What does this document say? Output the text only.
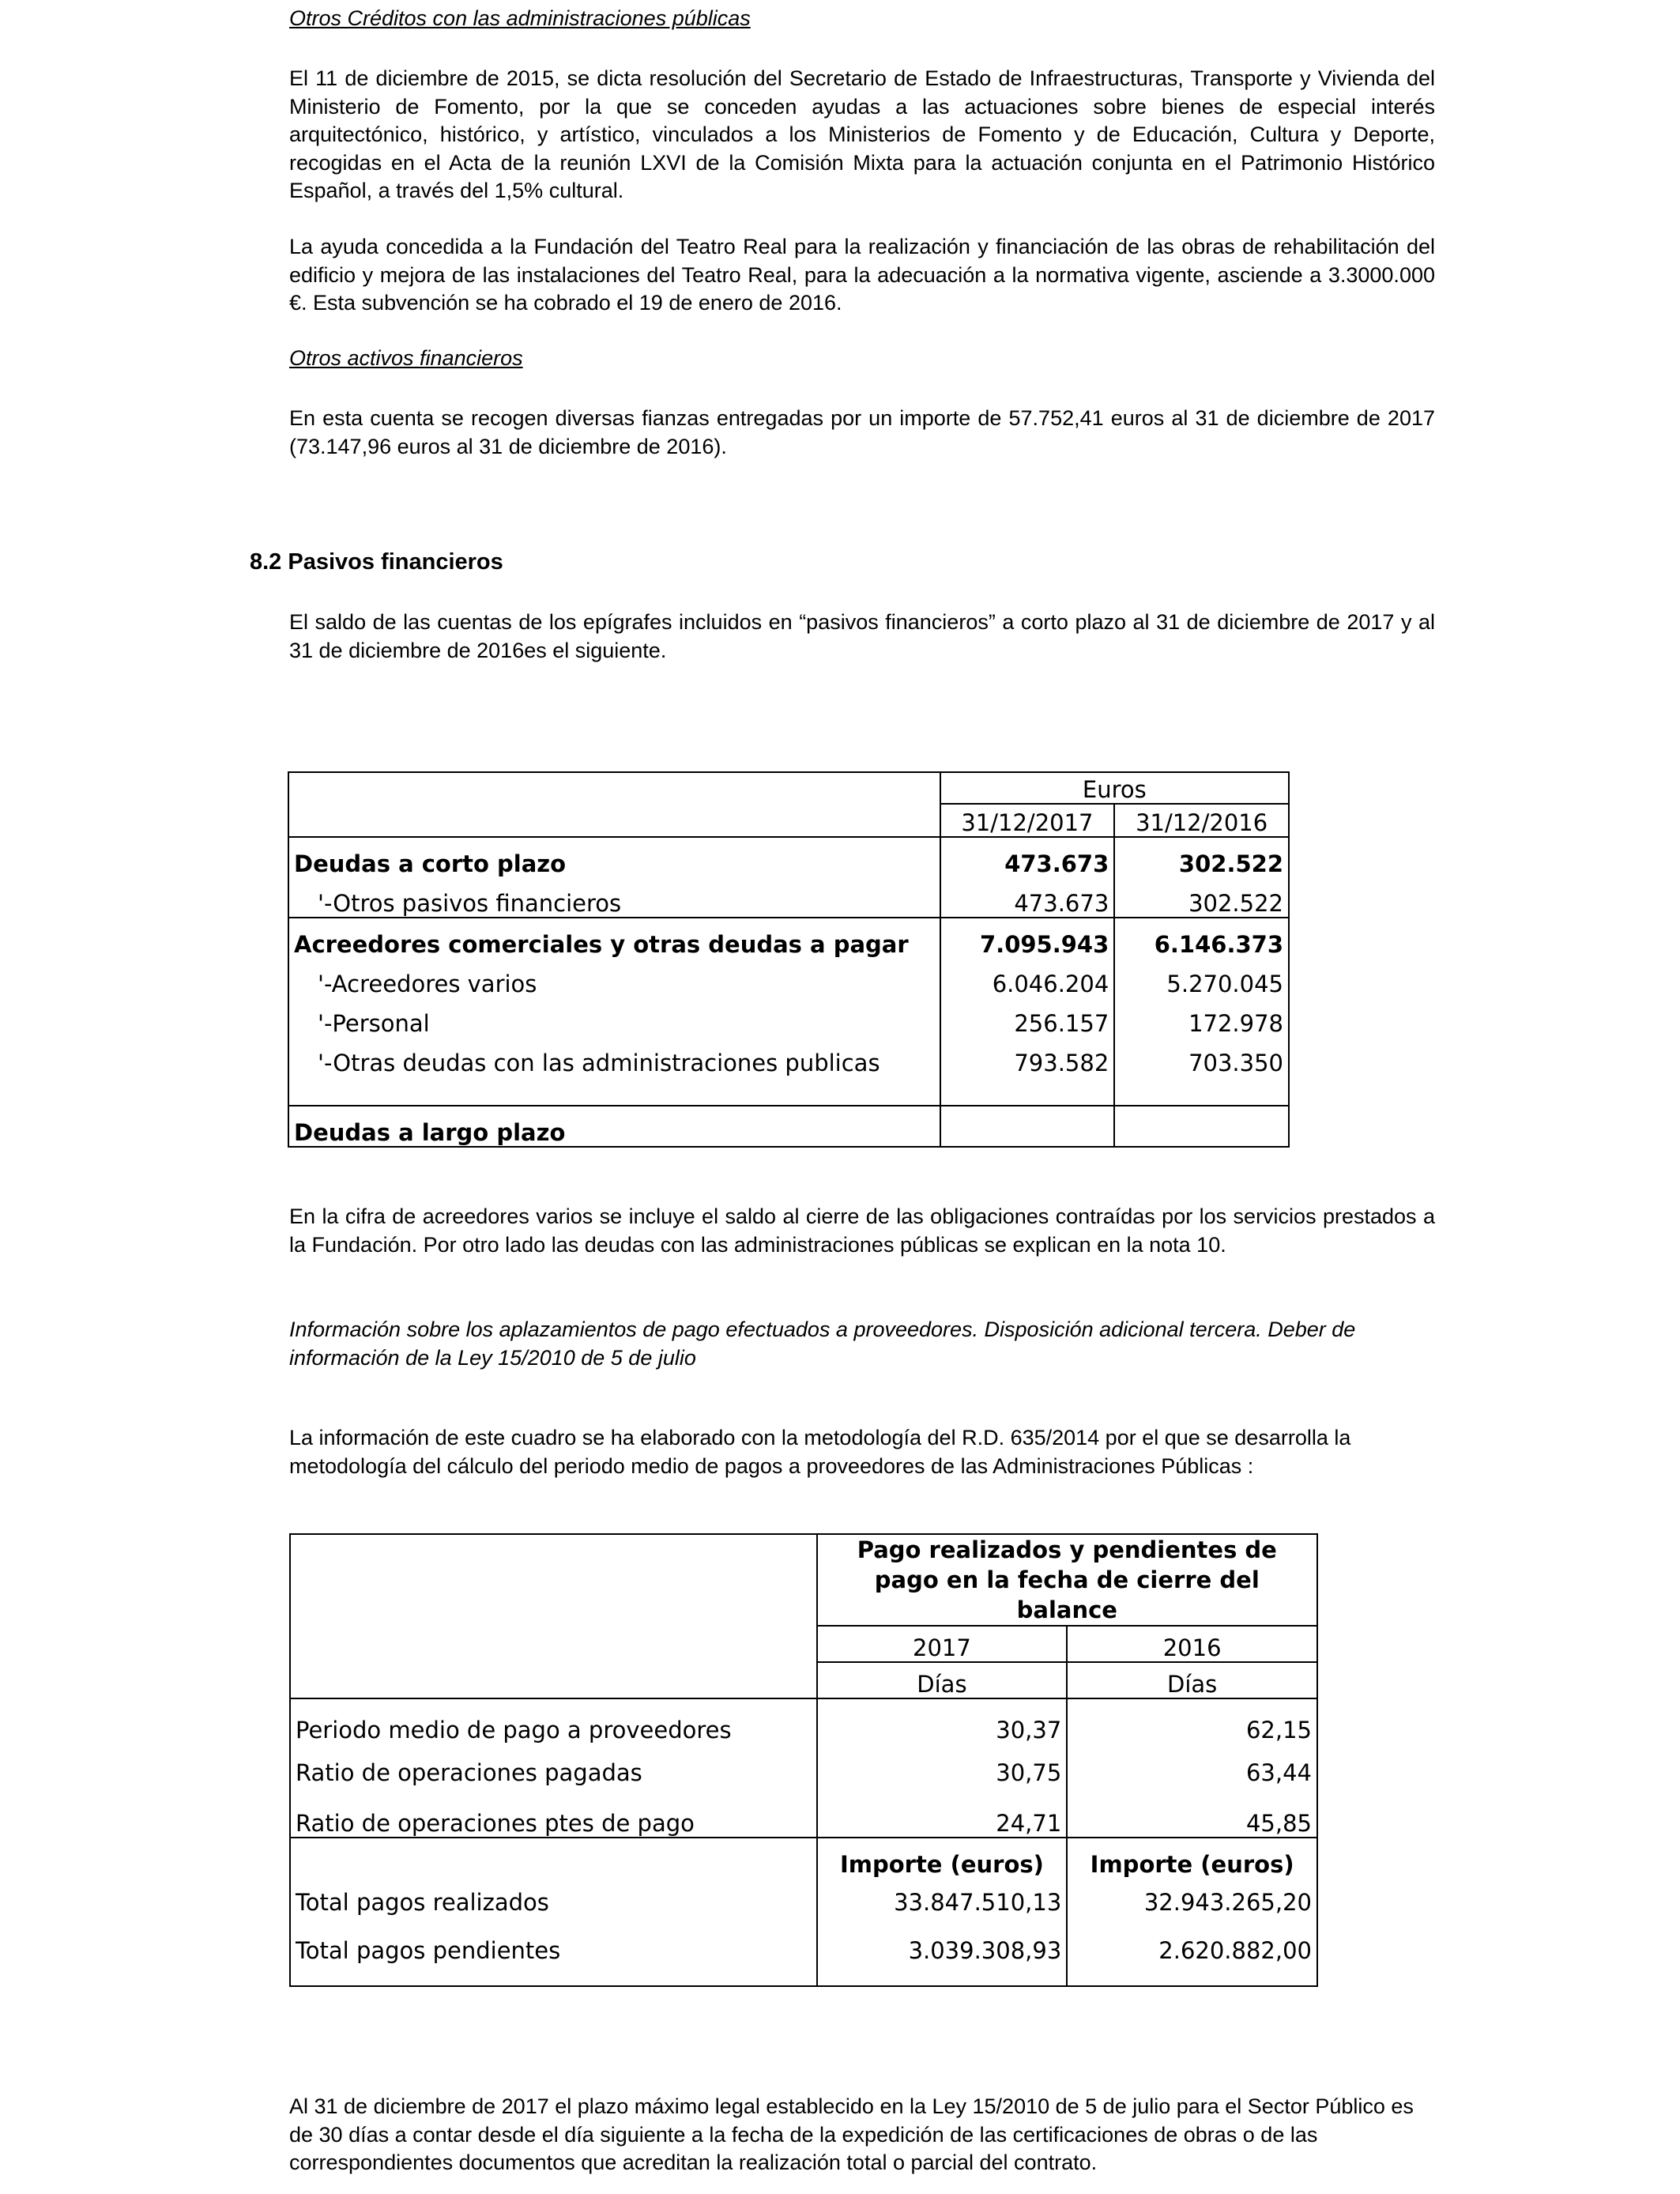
Otros Créditos con las administraciones públicas

El 11 de diciembre de 2015, se dicta resolución del Secretario de Estado de Infraestructuras, Transporte y Vivienda del Ministerio de Fomento, por la que se conceden ayudas a las actuaciones sobre bienes de especial interés arquitectónico, histórico, y artístico, vinculados a los Ministerios de Fomento y de Educación, Cultura y Deporte, recogidas en el Acta de la reunión LXVI de la Comisión Mixta para la actuación conjunta en el Patrimonio Histórico Español, a través del 1,5% cultural.

La ayuda concedida a la Fundación del Teatro Real para la realización y financiación de las obras de rehabilitación del edificio y mejora de las instalaciones del Teatro Real, para la adecuación a la normativa vigente, asciende a 3.3000.000 €. Esta subvención se ha cobrado el 19 de enero de 2016.

Otros activos financieros

En esta cuenta se recogen diversas fianzas entregadas por un importe de 57.752,41 euros al 31 de diciembre de 2017 (73.147,96 euros al 31 de diciembre de 2016).

8.2 Pasivos financieros

El saldo de las cuentas de los epígrafes incluidos en “pasivos financieros” a corto plazo al 31 de diciembre de 2017 y al 31 de diciembre de 2016es el siguiente.

	Euros	
	31/12/2017	31/12/2016
Deudas a corto plazo	473.673	302.522
'-Otros pasivos financieros	473.673	302.522
Acreedores comerciales y otras deudas a pagar	7.095.943	6.146.373
'-Acreedores varios	6.046.204	5.270.045
'-Personal	256.157	172.978
'-Otras deudas con las administraciones publicas	793.582	703.350

Deudas a largo plazo		

En la cifra de acreedores varios se incluye el saldo al cierre de las obligaciones contraídas por los servicios prestados a la Fundación. Por otro lado las deudas con las administraciones públicas se explican en la nota 10.

Información sobre los aplazamientos de pago efectuados a proveedores. Disposición adicional tercera. Deber de información de la Ley 15/2010 de 5 de julio

La información de este cuadro se ha elaborado con la metodología del R.D. 635/2014 por el que se desarrolla la metodología del cálculo del periodo medio de pagos a proveedores de las Administraciones Públicas :

	Pago realizados y pendientes de pago en la fecha de cierre del balance	
	2017	2016
	Días	Días
Periodo medio de pago a proveedores	30,37	62,15
Ratio de operaciones pagadas	30,75	63,44
Ratio de operaciones ptes de pago	24,71	45,85
	Importe (euros)	Importe (euros)
Total pagos realizados	33.847.510,13	32.943.265,20
Total pagos pendientes	3.039.308,93	2.620.882,00

Al 31 de diciembre de 2017 el plazo máximo legal establecido en la Ley 15/2010 de 5 de julio para el Sector Público es de 30 días a contar desde el día siguiente a la fecha de la expedición de las certificaciones de obras o de las correspondientes documentos que acreditan la realización total o parcial del contrato.
